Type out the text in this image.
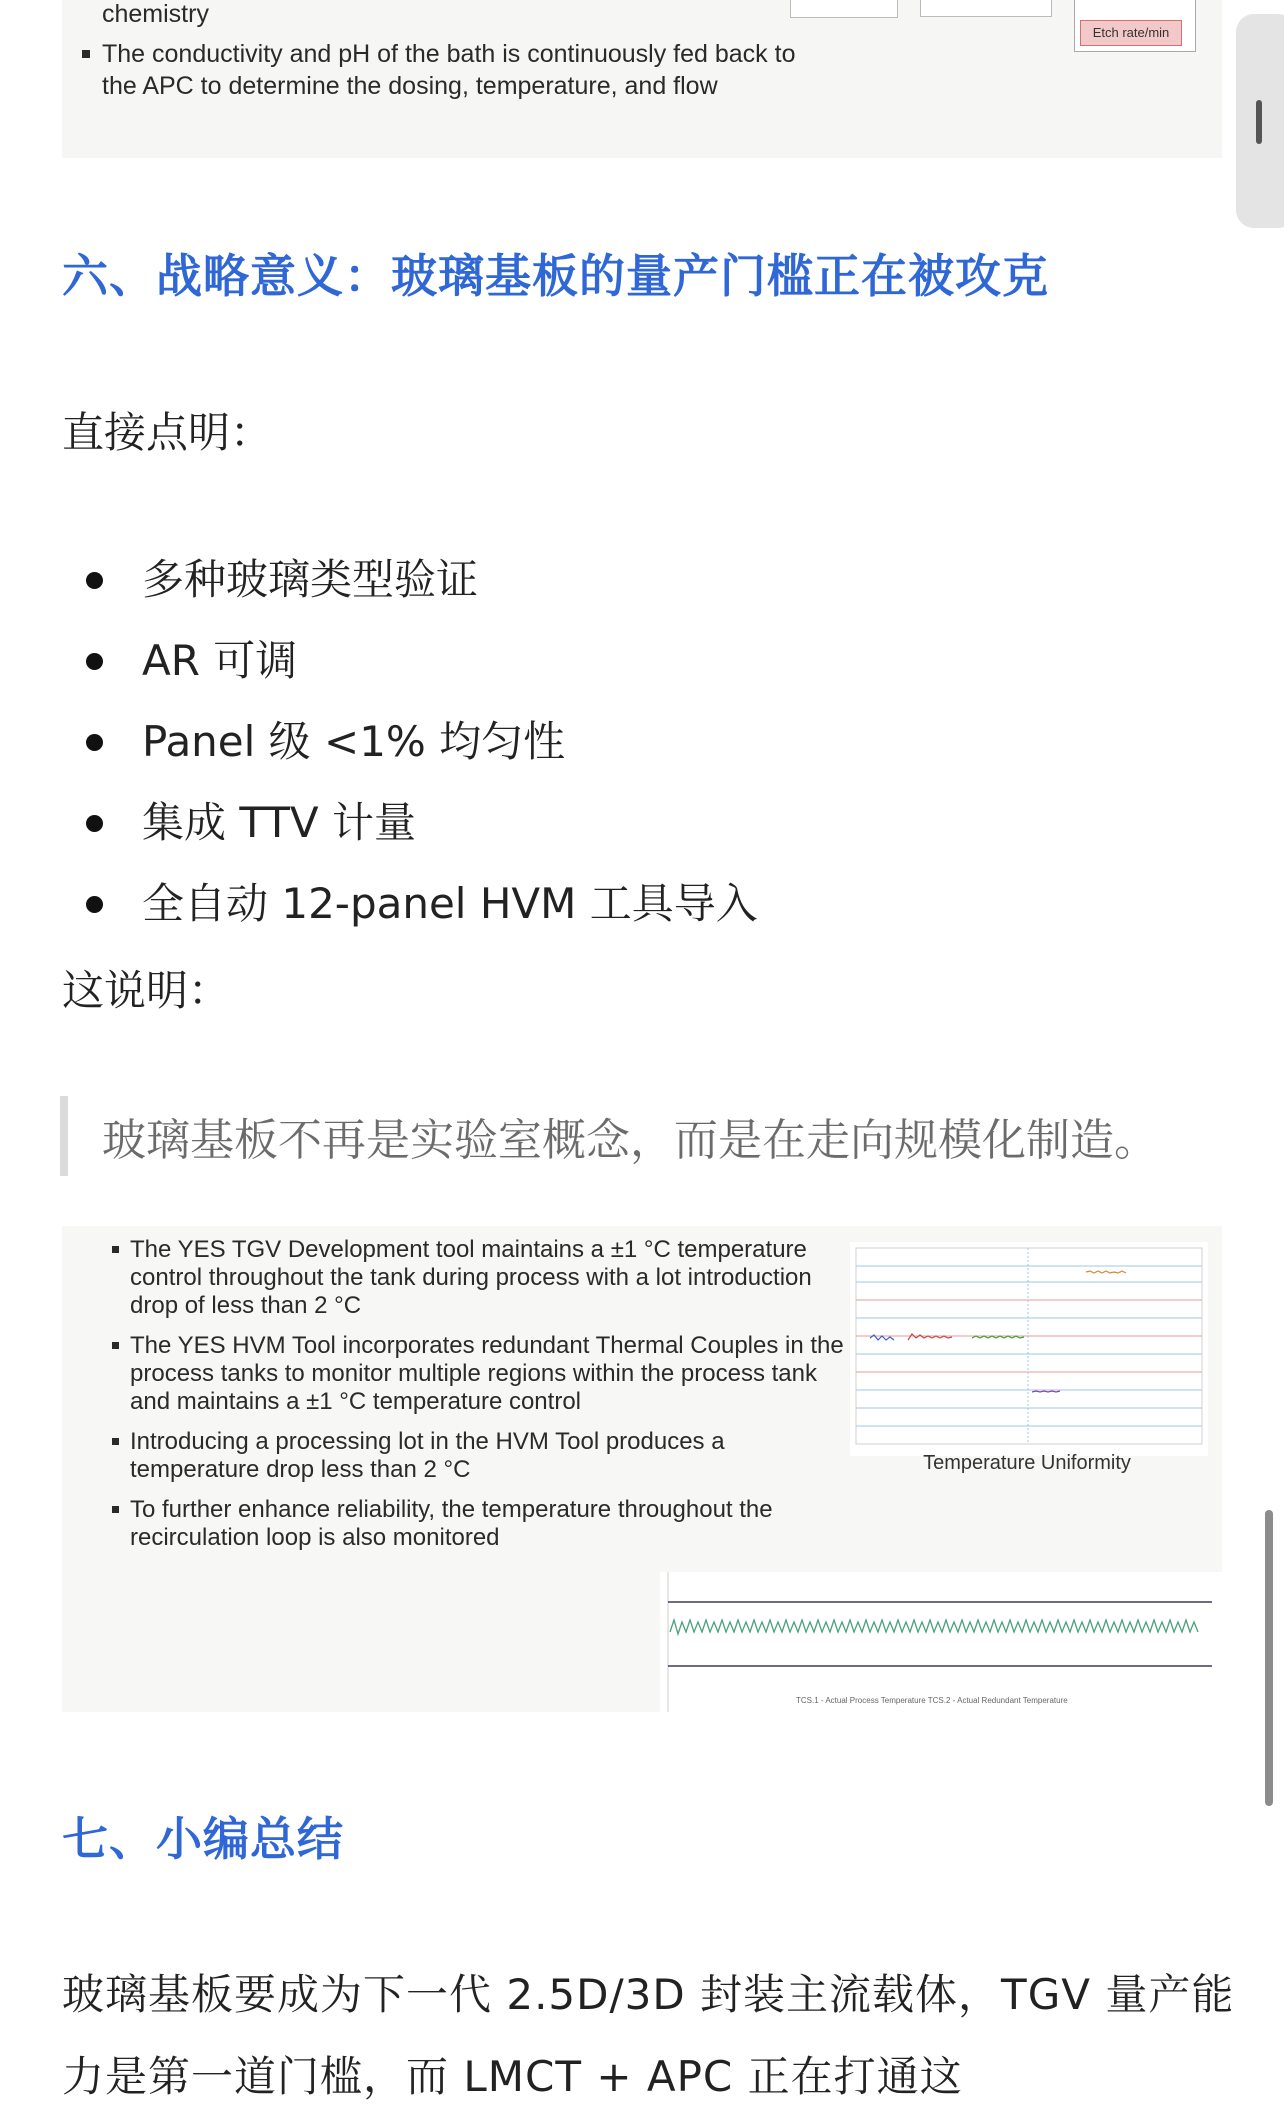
chemistry
The conductivity and pH of the bath is continuously fed back to the APC to determine the dosing, temperature, and flow
Etch rate/min
六、战略意义：玻璃基板的量产门槛正在被攻克
直接点明：
多种玻璃类型验证
AR 可调
Panel 级 <1% 均匀性
集成 TTV 计量
全自动 12-panel HVM 工具导入
这说明：
玻璃基板不再是实验室概念，而是在走向规模化制造。
The YES TGV Development tool maintains a ±1 °C temperature control throughout the tank during process with a lot introduction drop of less than 2 °C
The YES HVM Tool incorporates redundant Thermal Couples in the process tanks to monitor multiple regions within the process tank and maintains a ±1 °C temperature control
Introducing a processing lot in the HVM Tool produces a temperature drop less than 2 °C
To further enhance reliability, the temperature throughout the recirculation loop is also monitored
Temperature Uniformity
TCS.1 - Actual Process Temperature TCS.2 - Actual Redundant Temperature
七、小编总结
玻璃基板要成为下一代 2.5D/3D 封装主流载体，TGV 量产能力是第一道门槛，而 LMCT + APC 正在打通这
